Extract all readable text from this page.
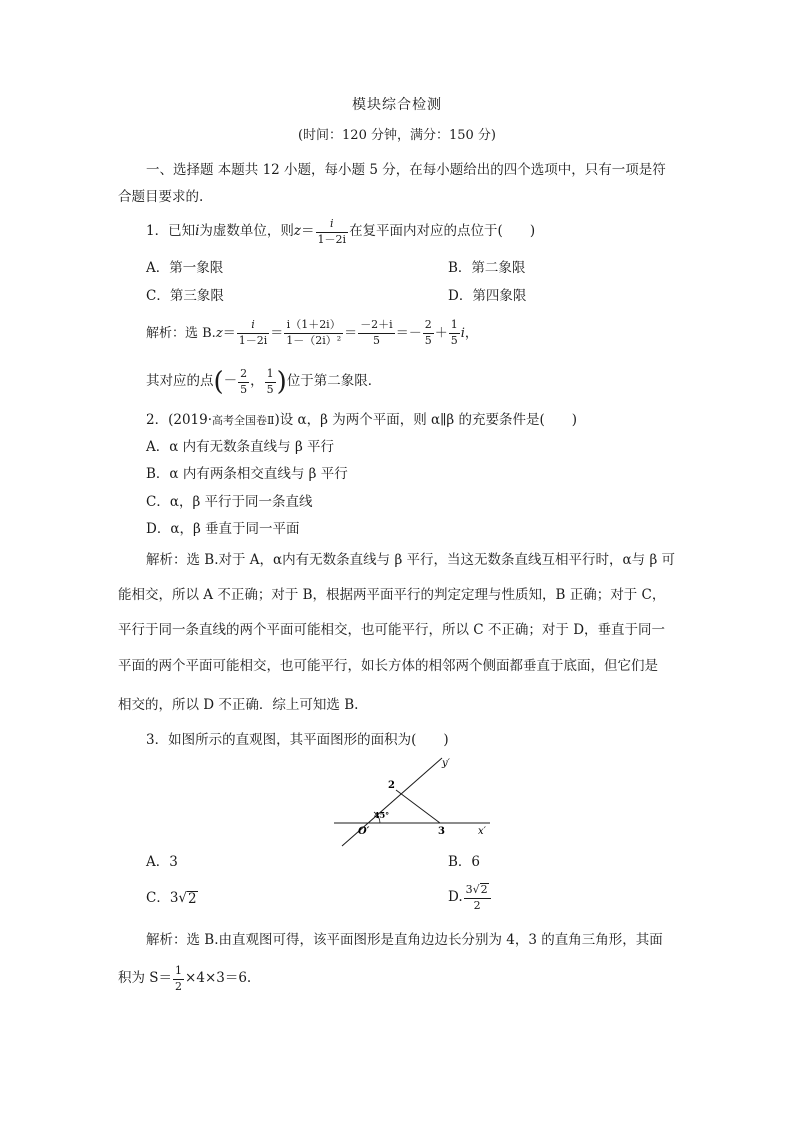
模块综合检测
(时间：120 分钟，满分：150 分)
一、选择题 本题共 12 小题，每小题 5 分，在每小题给出的四个选项中，只有一项是符
合题目要求的.
1．已知 i 为虚数单位，则 $z = \frac{i}{1-2i}$ 在复平面内对应的点位于(　　)
A．第一象限	B．第二象限
C．第三象限	D．第四象限
解析：选 B. $z = \frac{i}{1-2i} = \frac{i(1+2i)}{\text{1－（2i）²}} = \frac{-2+i}{5} =- \frac{2}{5} + \frac{1}{5}$ i ，
其对应的点 ( － $\frac{2}{5}$ ， $\frac{1}{5}$ ) 位于第二象限．
2．(2019· 高考全国卷Ⅱ )设 α，β 为两个平面，则 α∥β 的充要条件是(　　)
A．α 内有无数条直线与 β 平行
B．α 内有两条相交直线与 β 平行
C．α，β 平行于同一条直线
D．α，β 垂直于同一平面
解析：选 B.对于 A，α内有无数条直线与 β 平行，当这无数条直线互相平行时，α与 β 可
能相交，所以 A 不正确；对于 B，根据两平面平行的判定定理与性质知，B 正确；对于 C，
平行于同一条直线的两个平面可能相交，也可能平行，所以 C 不正确；对于 D，垂直于同一
平面的两个平面可能相交，也可能平行，如长方体的相邻两个侧面都垂直于底面，但它们是
相交的，所以 D 不正确．综上可知选 B.
3．如图所示的直观图，其平面图形的面积为(　　)
y′
x′
O′
45°
2
3
A．3	B．6
C．3 √ 2	D. $\frac{3√2}{2}$
解析：选 B.由直观图可得，该平面图形是直角边边长分别为 4，3 的直角三角形，其面
积为 $S= \frac{1}{2} \times 4\times 3=6$.
